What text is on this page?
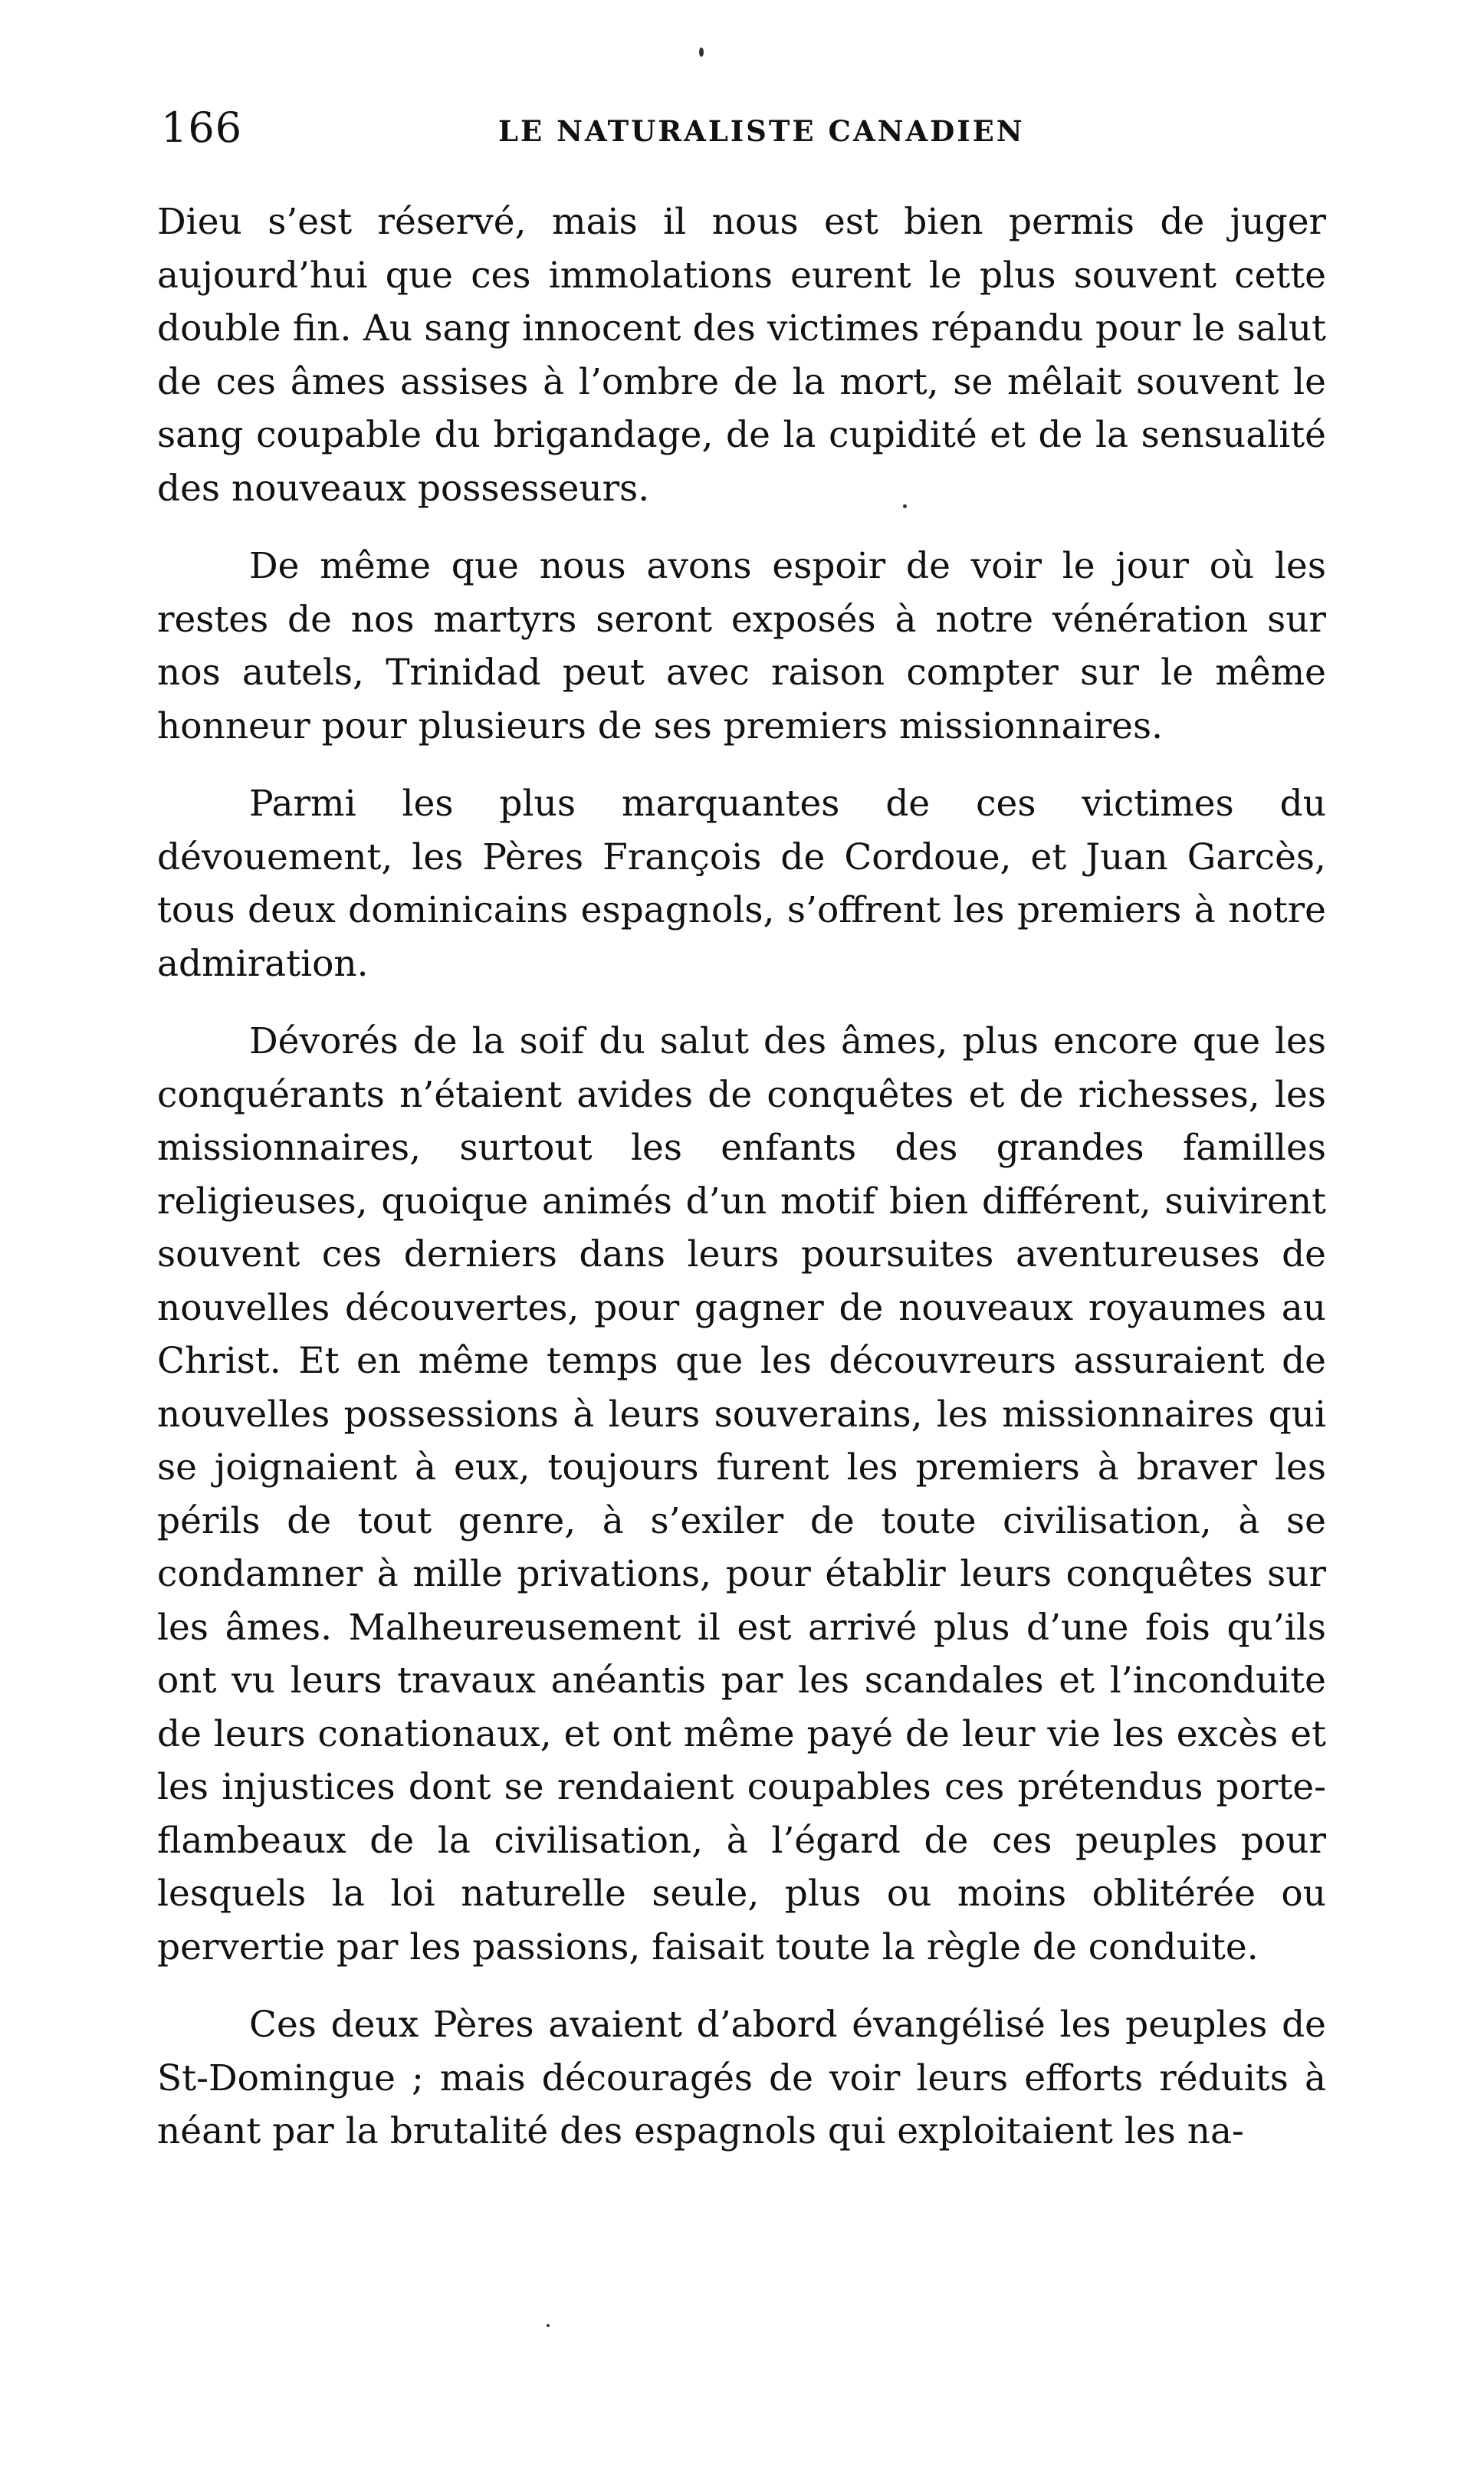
166	LE NATURALISTE CANADIEN

Dieu s’est réservé, mais il nous est bien permis de juger aujourd’hui que ces immolations eurent le plus souvent cette double fin. Au sang innocent des victimes répandu pour le salut de ces âmes assises à l’ombre de la mort, se mêlait souvent le sang coupable du brigandage, de la cupidité et de la sensualité des nouveaux possesseurs.

De même que nous avons espoir de voir le jour où les restes de nos martyrs seront exposés à notre vénération sur nos autels, Trinidad peut avec raison compter sur le même honneur pour plusieurs de ses premiers missionnaires.

Parmi les plus marquantes de ces victimes du dévouement, les Pères François de Cordoue, et Juan Garcès, tous deux dominicains espagnols, s’offrent les premiers à notre admiration.

Dévorés de la soif du salut des âmes, plus encore que les conquérants n’étaient avides de conquêtes et de richesses, les missionnaires, surtout les enfants des grandes familles religieuses, quoique animés d’un motif bien différent, suivirent souvent ces derniers dans leurs poursuites aventureuses de nouvelles découvertes, pour gagner de nouveaux royaumes au Christ. Et en même temps que les découvreurs assuraient de nouvelles possessions à leurs souverains, les missionnaires qui se joignaient à eux, toujours furent les premiers à braver les périls de tout genre, à s’exiler de toute civilisation, à se condamner à mille privations, pour établir leurs conquêtes sur les âmes. Malheureusement il est arrivé plus d’une fois qu’ils ont vu leurs travaux anéantis par les scandales et l’inconduite de leurs conationaux, et ont même payé de leur vie les excès et les injustices dont se rendaient coupables ces prétendus porte-flambeaux de la civilisation, à l’égard de ces peuples pour lesquels la loi naturelle seule, plus ou moins oblitérée ou pervertie par les passions, faisait toute la règle de conduite.

Ces deux Pères avaient d’abord évangélisé les peuples de St-Domingue ; mais découragés de voir leurs efforts réduits à néant par la brutalité des espagnols qui exploitaient les na-
